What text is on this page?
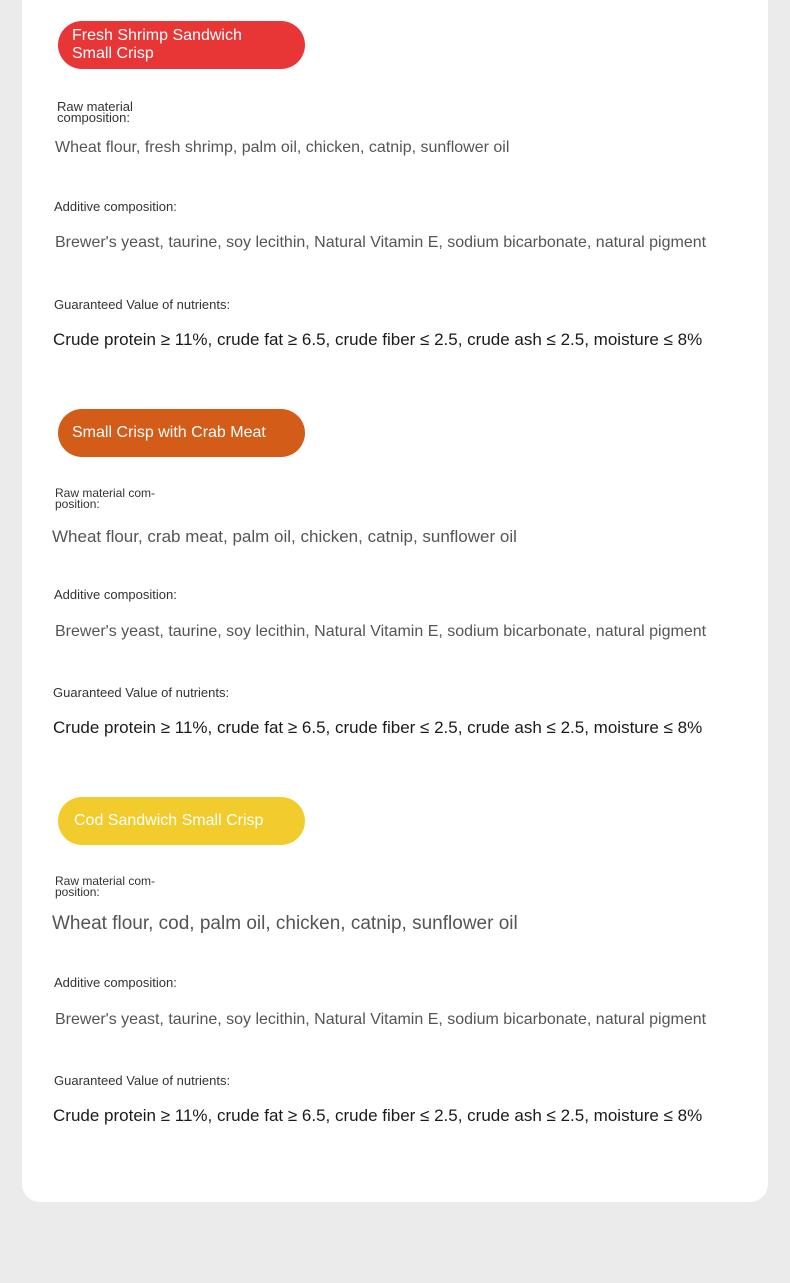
Fresh Shrimp Sandwich Small Crisp
Raw material composition:
Wheat flour, fresh shrimp, palm oil, chicken, catnip, sunflower oil
Additive composition:
Brewer's yeast, taurine, soy lecithin, Natural Vitamin E, sodium bicarbonate, natural pigment
Guaranteed Value of nutrients:
Crude protein ≥ 11%, crude fat ≥ 6.5, crude fiber ≤ 2.5, crude ash ≤ 2.5, moisture ≤ 8%
Small Crisp with Crab Meat
Raw material com- position:
Wheat flour, crab meat, palm oil, chicken, catnip, sunflower oil
Additive composition:
Brewer's yeast, taurine, soy lecithin, Natural Vitamin E, sodium bicarbonate, natural pigment
Guaranteed Value of nutrients:
Crude protein ≥ 11%, crude fat ≥ 6.5, crude fiber ≤ 2.5, crude ash ≤ 2.5, moisture ≤ 8%
Cod Sandwich Small Crisp
Raw material com- position:
Wheat flour, cod, palm oil, chicken, catnip, sunflower oil
Additive composition:
Brewer's yeast, taurine, soy lecithin, Natural Vitamin E, sodium bicarbonate, natural pigment
Guaranteed Value of nutrients:
Crude protein ≥ 11%, crude fat ≥ 6.5, crude fiber ≤ 2.5, crude ash ≤ 2.5, moisture ≤ 8%
